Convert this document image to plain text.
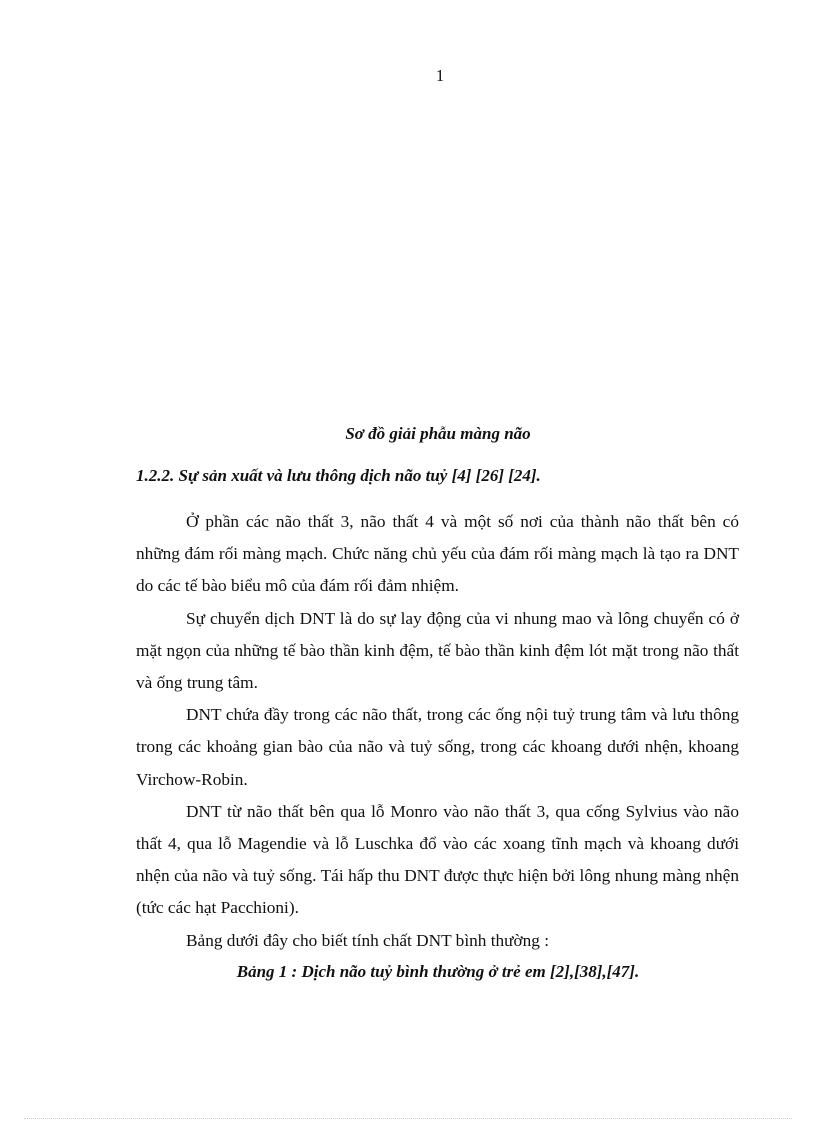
1
Sơ đồ giải phẫu màng não
1.2.2. Sự sản xuất và lưu thông dịch não tuỷ [4] [26] [24].

Ở phần các não thất 3, não thất 4 và một số nơi của thành não thất bên có những đám rối màng mạch. Chức năng chủ yếu của đám rối màng mạch là tạo ra DNT do các tế bào biểu mô của đám rối đảm nhiệm.

Sự chuyển dịch DNT là do sự lay động của vi nhung mao và lông chuyển có ở mặt ngọn của những tế bào thần kinh đệm, tế bào thần kinh đệm lót mặt trong não thất và ống trung tâm.

DNT chứa đầy trong các não thất, trong các ống nội tuỷ trung tâm và lưu thông trong các khoảng gian bào của não và tuỷ sống, trong các khoang dưới nhện, khoang Virchow-Robin.

DNT từ não thất bên qua lỗ Monro vào não thất 3, qua cống Sylvius vào não thất 4, qua lỗ Magendie và lỗ Luschka đổ vào các xoang tĩnh mạch và khoang dưới nhện của não và tuỷ sống. Tái hấp thu DNT được thực hiện bởi lông nhung màng nhện (tức các hạt Pacchioni).

Bảng dưới đây cho biết tính chất DNT bình thường :

Bảng 1 : Dịch não tuỷ bình thường ở trẻ em [2],[38],[47].
